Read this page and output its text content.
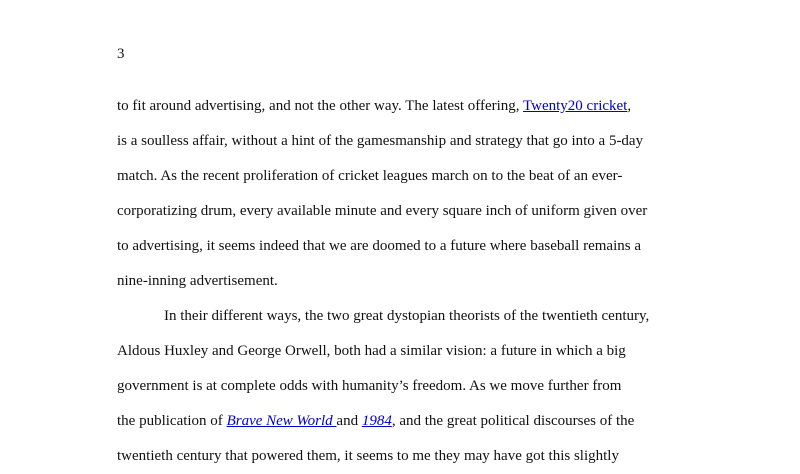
3
to fit around advertising, and not the other way. The latest offering, Twenty20 cricket,
is a soulless affair, without a hint of the gamesmanship and strategy that go into a 5-day
match. As the recent proliferation of cricket leagues march on to the beat of an ever-
corporatizing drum, every available minute and every square inch of uniform given over
to advertising, it seems indeed that we are doomed to a future where baseball remains a
nine-inning advertisement.
In their different ways, the two great dystopian theorists of the twentieth century,
Aldous Huxley and George Orwell, both had a similar vision: a future in which a big
government is at complete odds with humanity’s freedom. As we move further from
the publication of Brave New World and 1984, and the great political discourses of the
twentieth century that powered them, it seems to me they may have got this slightly
